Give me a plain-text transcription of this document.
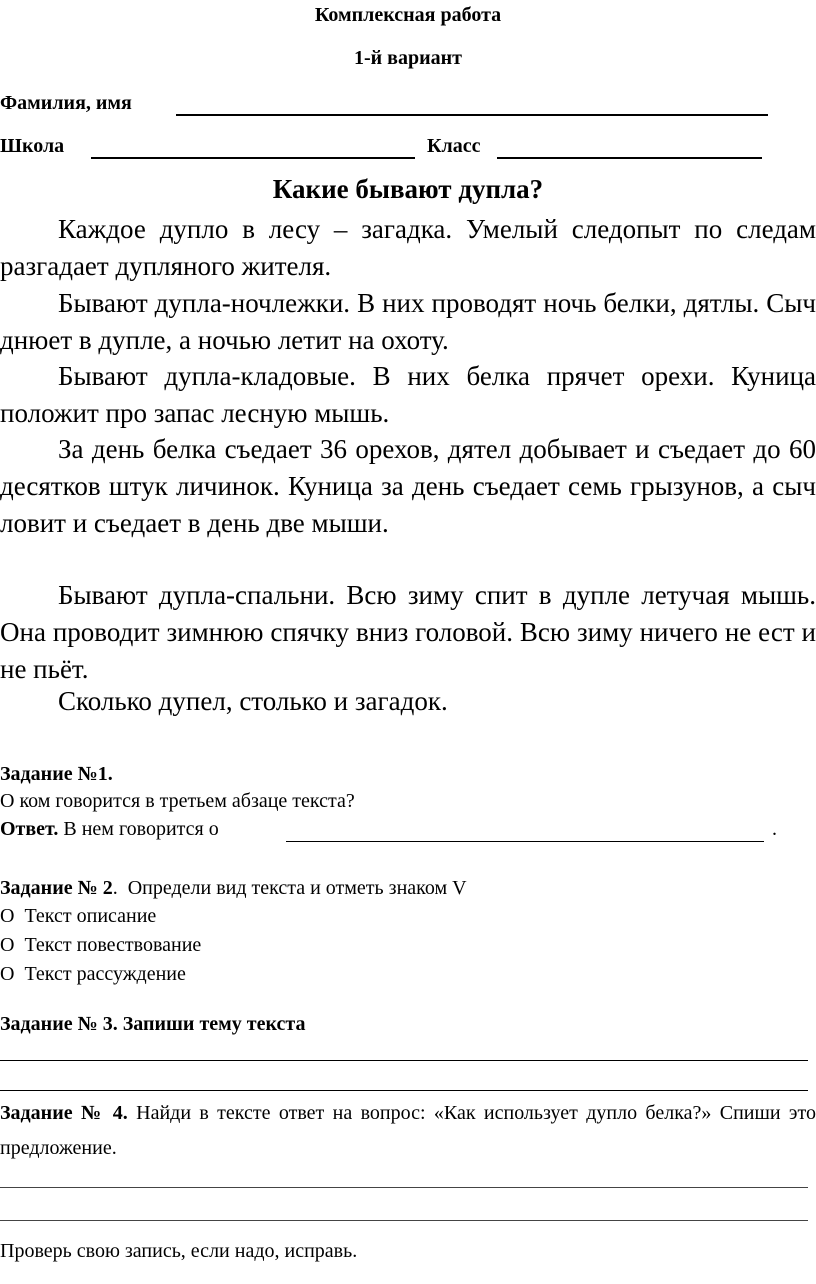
Комплексная работа
1-й вариант
Фамилия, имя
Школа	Класс
Какие бывают дупла?
Каждое дупло в лесу – загадка. Умелый следопыт по следам разгадает дупляного жителя.
Бывают дупла-ночлежки. В них проводят ночь белки, дятлы. Сыч днюет в дупле, а ночью летит на охоту.
Бывают дупла-кладовые. В них белка прячет орехи. Куница положит про запас лесную мышь.
За день белка съедает 36 орехов, дятел добывает и съедает до 60 десятков штук личинок. Куница за день съедает семь грызунов, а сыч ловит и съедает в день две мыши.
Бывают дупла-спальни. Всю зиму спит в дупле летучая мышь. Она проводит зимнюю спячку вниз головой. Всю зиму ничего не ест и не пьёт.
Сколько дупел, столько и загадок.
Задание №1.
О ком говорится в третьем абзаце текста?
Ответ. В нем говорится о	.
Задание № 2. Определи вид текста и отметь знаком V
О Текст описание
О Текст повествование
О Текст рассуждение
Задание № 3. Запиши тему текста
Задание № 4. Найди в тексте ответ на вопрос: «Как использует дупло белка?» Спиши это предложение.
Проверь свою запись, если надо, исправь.
